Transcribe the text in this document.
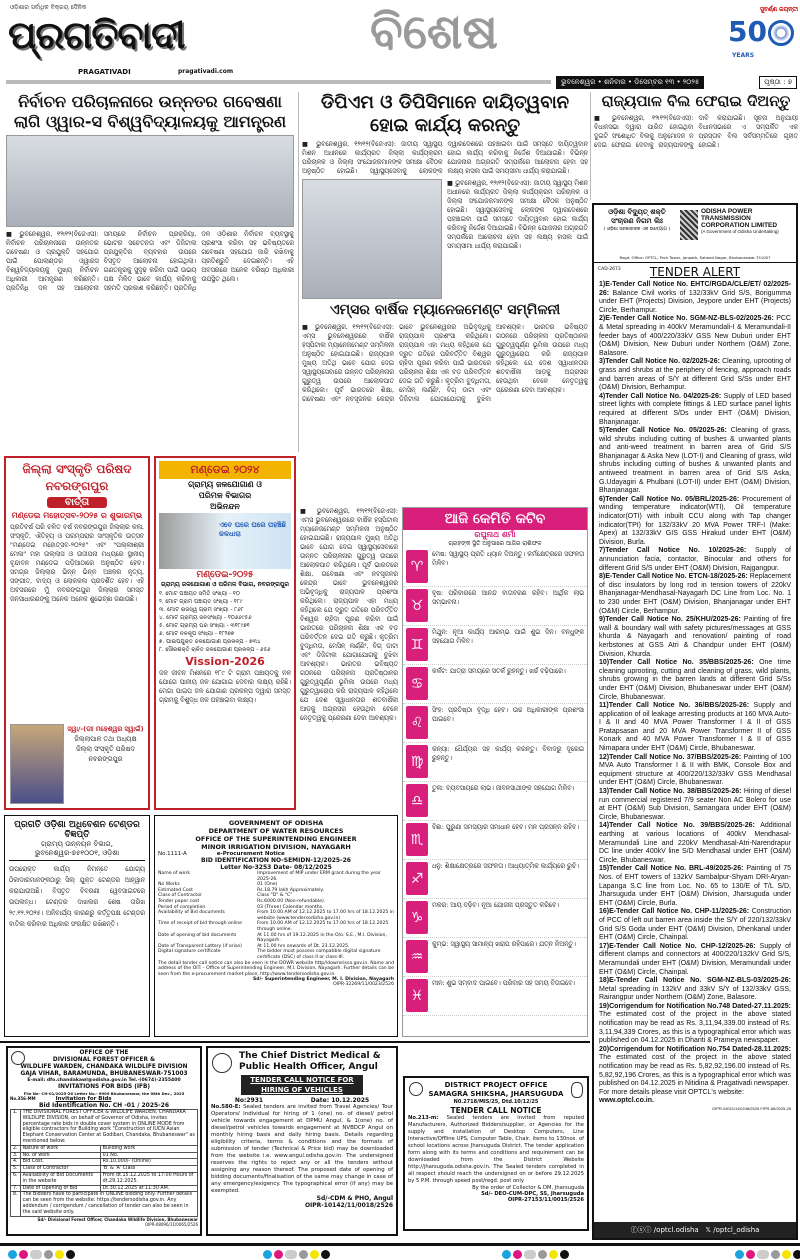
ଓଡ଼ିଶାର ସର୍ବାଧିକ ବିକ୍ରୟ ଦୈନିକ
ପ୍ରଗତିବାଦୀ
PRAGATIVADI	pragativadi.com
ବିଶେଷ	ସୁବର୍ଣ୍ଣ ଜୟନ୍ତୀ
50
YEARS
ଭୁବନେଶ୍ୱର • ଶନିବାର • ଡିସେମ୍ବର ୧୩ • ୨୦୨୫	ପୃଷ୍ଠା : ୭
ନିର୍ବାଚନ ପରିଚାଳନାରେ ଉନ୍ନତର ଗବେଷଣା ଲାଗି ଓ୍ୱାର-ସ ବିଶ୍ୱବିଦ୍ୟାଳୟକୁ ଆମନ୍ତ୍ରଣ
■ ଭୁବନେଶ୍ୱର, ୧୨ା୧୨(ବିଜେଏସ): ନିର୍ବାଚନ ପରିଚାଳନାରେ ଉନ୍ନତର ଗବେଷଣା ଓ ପ୍ରଯୁକ୍ତି ସହଯୋଗ ପାଇଁ ପୋଲାଣ୍ଡର ଓ୍ୱାରସ ବିଶ୍ୱବିଦ୍ୟାଳୟକୁ ମୁଖ୍ୟ ନିର୍ବାଚନ ଅଧିକାରୀ ଆମନ୍ତ୍ରଣ କରିଛନ୍ତି। ପ୍ରତିନିଧି ଦଳ ସହ ଆଲୋଚନା ସମୟରେ ନିର୍ବାଚନ ପ୍ରକ୍ରିୟା, ଭୋଟର ସଚେତନତା ଏବଂ ଡିଜିଟାଲ ପ୍ରଯୁକ୍ତିର ବ୍ୟବହାର ଉପରେ ବିସ୍ତୃତ ଆଲୋଚନା ହୋଇଥିଲା। ଗଣତନ୍ତ୍ରକୁ ସୁଦୃଢ଼ କରିବା ପାଇଁ ଉଭୟ ପକ୍ଷ ମିଳିତ ଭାବେ କାର୍ଯ୍ୟ କରିବାକୁ ସହମତି ପ୍ରକାଶ କରିଛନ୍ତି। ପ୍ରତିନିଧି ଦଳ ଓଡ଼ିଶାର ନିର୍ବାଚନ ବ୍ୟବସ୍ଥାକୁ ପ୍ରଶଂସା କରିବା ସହ ଭବିଷ୍ୟତରେ ଗବେଷଣା ସହଯୋଗ ଜାରି ରଖିବାକୁ ପ୍ରତିଶ୍ରୁତି ଦେଇଛନ୍ତି। ଏହି ଅବସରରେ ଅନେକ ବରିଷ୍ଠ ଅଧିକାରୀ ଉପସ୍ଥିତ ଥିଲେ।
ଡିପିଏମ ଓ ଡିପିସିମାନେ ଦାୟିତ୍ୱବାନ ହୋଇ କାର୍ଯ୍ୟ କରନ୍ତୁ
■ ଭୁବନେଶ୍ୱର, ୧୨ା୧୨(ବିଜେଏସ): ଜାତୀୟ ସ୍ୱାସ୍ଥ୍ୟ ମିଶନ ଅଧୀନରେ କାର୍ଯ୍ୟରତ ଜିଲ୍ଲା କାର୍ଯ୍ୟକ୍ରମ ପରିଚାଳକ ଓ ଜିଲ୍ଲା ସଂଯୋଜକମାନଙ୍କ ସମୀକ୍ଷା ବୈଠକ ଅନୁଷ୍ଠିତ ହୋଇଛି। ସ୍ୱାସ୍ଥ୍ୟସେବାକୁ ଲୋକଙ୍କ ଦ୍ୱାରଦେଶରେ ପହଞ୍ଚାଇବା ପାଇଁ ସମସ୍ତେ ଦାୟିତ୍ୱବାନ ହୋଇ କାର୍ଯ୍ୟ କରିବାକୁ ନିର୍ଦ୍ଦେଶ ଦିଆଯାଇଛି। ବିଭିନ୍ନ ଯୋଜନାର ଅଗ୍ରଗତି ସମ୍ପର୍କରେ ଆଲୋଚନା ହେବା ସହ ଲକ୍ଷ୍ୟ ହାସଲ ପାଇଁ ସମୟସୀମା ଧାର୍ଯ୍ୟ କରାଯାଇଛି।
■ ଭୁବନେଶ୍ୱର, ୧୨ା୧୨(ବିଜେଏସ): ଜାତୀୟ ସ୍ୱାସ୍ଥ୍ୟ ମିଶନ ଅଧୀନରେ କାର୍ଯ୍ୟରତ ଜିଲ୍ଲା କାର୍ଯ୍ୟକ୍ରମ ପରିଚାଳକ ଓ ଜିଲ୍ଲା ସଂଯୋଜକମାନଙ୍କ ସମୀକ୍ଷା ବୈଠକ ଅନୁଷ୍ଠିତ ହୋଇଛି। ସ୍ୱାସ୍ଥ୍ୟସେବାକୁ ଲୋକଙ୍କ ଦ୍ୱାରଦେଶରେ ପହଞ୍ଚାଇବା ପାଇଁ ସମସ୍ତେ ଦାୟିତ୍ୱବାନ ହୋଇ କାର୍ଯ୍ୟ କରିବାକୁ ନିର୍ଦ୍ଦେଶ ଦିଆଯାଇଛି। ବିଭିନ୍ନ ଯୋଜନାର ଅଗ୍ରଗତି ସମ୍ପର୍କରେ ଆଲୋଚନା ହେବା ସହ ଲକ୍ଷ୍ୟ ହାସଲ ପାଇଁ ସମୟସୀମା ଧାର୍ଯ୍ୟ କରାଯାଇଛି।
ଏମ୍ସର ବାର୍ଷିକ ମ୍ୟାନେଜମେଣ୍ଟ ସମ୍ମିଳନୀ
■ ଭୁବନେଶ୍ୱର, ୧୨ା୧୨(ବିଜେଏସ): ଏମ୍ସ ଭୁବନେଶ୍ୱରରେ ବାର୍ଷିକ ହସ୍ପିଟାଲ ମ୍ୟାନେଜମେଣ୍ଟ ସମ୍ମିଳନୀ ଅନୁଷ୍ଠିତ ହୋଇଯାଇଛି। ରାଜ୍ୟପାଳ ମୁଖ୍ୟ ଅତିଥି ଭାବେ ଯୋଗ ଦେଇ ସ୍ୱାସ୍ଥ୍ୟସେବାରେ ଉନ୍ନତ ପରିଚାଳନାର ଗୁରୁତ୍ୱ ଉପରେ ଆଲୋକପାତ କରିଥିଲେ। ପୂର୍ବ ଭାରତରେ ଶିକ୍ଷା, ଗବେଷଣା ଏବଂ ନବସୃଜନର କେନ୍ଦ୍ର ଭାବେ ଭୁବନେଶ୍ୱରର ଅଭିବୃଦ୍ଧିକୁ ରାଜ୍ୟପାଳ ପ୍ରଶଂସା କରିଥିଲେ। ରାଜ୍ୟପାଳ ଏହା ମଧ୍ୟ କହିଥିଲେ ଯେ ଦ୍ରୁତ ଗତିରେ ପରିବର୍ତ୍ତିତ ବିଶ୍ୱର ଚାହିଦା ପୂରଣ କରିବା ପାଇଁ ଭାରତରେ ପରିଚାଳନା ଶିକ୍ଷା ଏକ ବଡ଼ ପରିବର୍ତ୍ତନ ଦେଇ ଗତି କରୁଛି। କୃତ୍ରିମ ବୁଦ୍ଧିମତା, ମେସିନ୍ ଲର୍ଣ୍ଣିଂ, ବିଗ୍ ଡାଟା ଏବଂ ଡିଜିଟାଲ ଯୋଗାଯୋଗକୁ ବୁଝିବା ଆବଶ୍ୟକ। ଭାରତର ଭବିଷ୍ୟତ ଗଠନରେ ପରିଚାଳନା ପ୍ରତିଷ୍ଠାନର ଗୁରୁତ୍ୱପୂର୍ଣ୍ଣ ଭୂମିକା ଉପରେ ମଧ୍ୟ ଗୁରୁତ୍ୱାରୋପ କରି ରାଜ୍ୟପାଳ କହିଥିଲେ ଯେ ଦେଶ ସ୍ୱାଧୀନତାର ଶତବାର୍ଷିକୀ ଆଡ଼କୁ ଅଗ୍ରସର ହେଉଥିବା ବେଳେ ନେତୃତ୍ୱକୁ ପ୍ରେରଣା ଦେବା ଆବଶ୍ୟକ।
■ ଭୁବନେଶ୍ୱର, ୧୨ା୧୨(ବିଜେଏସ): ଏମ୍ସ ଭୁବନେଶ୍ୱରରେ ବାର୍ଷିକ ହସ୍ପିଟାଲ ମ୍ୟାନେଜମେଣ୍ଟ ସମ୍ମିଳନୀ ଅନୁଷ୍ଠିତ ହୋଇଯାଇଛି। ରାଜ୍ୟପାଳ ମୁଖ୍ୟ ଅତିଥି ଭାବେ ଯୋଗ ଦେଇ ସ୍ୱାସ୍ଥ୍ୟସେବାରେ ଉନ୍ନତ ପରିଚାଳନାର ଗୁରୁତ୍ୱ ଉପରେ ଆଲୋକପାତ କରିଥିଲେ। ପୂର୍ବ ଭାରତରେ ଶିକ୍ଷା, ଗବେଷଣା ଏବଂ ନବସୃଜନର କେନ୍ଦ୍ର ଭାବେ ଭୁବନେଶ୍ୱରର ଅଭିବୃଦ୍ଧିକୁ ରାଜ୍ୟପାଳ ପ୍ରଶଂସା କରିଥିଲେ। ରାଜ୍ୟପାଳ ଏହା ମଧ୍ୟ କହିଥିଲେ ଯେ ଦ୍ରୁତ ଗତିରେ ପରିବର୍ତ୍ତିତ ବିଶ୍ୱର ଚାହିଦା ପୂରଣ କରିବା ପାଇଁ ଭାରତରେ ପରିଚାଳନା ଶିକ୍ଷା ଏକ ବଡ଼ ପରିବର୍ତ୍ତନ ଦେଇ ଗତି କରୁଛି। କୃତ୍ରିମ ବୁଦ୍ଧିମତା, ମେସିନ୍ ଲର୍ଣ୍ଣିଂ, ବିଗ୍ ଡାଟା ଏବଂ ଡିଜିଟାଲ ଯୋଗାଯୋଗକୁ ବୁଝିବା ଆବଶ୍ୟକ। ଭାରତର ଭବିଷ୍ୟତ ଗଠନରେ ପରିଚାଳନା ପ୍ରତିଷ୍ଠାନର ଗୁରୁତ୍ୱପୂର୍ଣ୍ଣ ଭୂମିକା ଉପରେ ମଧ୍ୟ ଗୁରୁତ୍ୱାରୋପ କରି ରାଜ୍ୟପାଳ କହିଥିଲେ ଯେ ଦେଶ ସ୍ୱାଧୀନତାର ଶତବାର୍ଷିକୀ ଆଡ଼କୁ ଅଗ୍ରସର ହେଉଥିବା ବେଳେ ନେତୃତ୍ୱକୁ ପ୍ରେରଣା ଦେବା ଆବଶ୍ୟକ।
ରାଜ୍ୟପାଳ ବିଲ ଫେରାଇ ଦିଅନ୍ତୁ
■ ଭୁବନେଶ୍ୱର, ୧୨ା୧୨(ବିଜେଏସ): ବିଧାନସଭା ଦ୍ୱାରା ପାରିତ ହୋଇଥିବା ଦୁଇଟି ସଂଶୋଧିତ ବିଲକୁ ଅନୁମୋଦନ ନ ଦେଇ ଫେରାଇ ଦେବାକୁ ରାଜ୍ୟପାଳଙ୍କୁ ଦାବି କରାଯାଇଛି। ସୂଚନା ଅନୁଯାୟୀ ବିଧାନସଭାରେ ଏ ସମ୍ପର୍କିତ ଏକ ପ୍ରସ୍ତାବ ବିଲ ସର୍ବସମ୍ମତିରେ ଗୃହୀତ ହୋଇଛି।
ଜିଲ୍ଲା ସଂସ୍କୃତି ପରିଷଦ
ନବରଙ୍ଗପୁର
ବାର୍ତ୍ତା
ମଣ୍ଡେଇ ମହୋତ୍ସବ-୨୦୨୫ ର ଶୁଭାରମ୍ଭ
ପ୍ରତିବର୍ଷ ପରି ଚଳିତ ବର୍ଷ ନବରଙ୍ଗପୁର ଜିଲ୍ଲାର କଳା, ସଂସ୍କୃତି, ଐତିହ୍ୟ ଓ ପରମ୍ପରାର ସାଂସ୍କୃତିକ ଉତ୍ସବ "ମଣ୍ଡେଇ ମହୋତ୍ସବ-୨୦୨୫" ଏବଂ "ପଲ୍ଲୀଶ୍ରୀ ମେଳା" ମହା ଉଲ୍ଲାସ ଓ ଉଦ୍ଦୀପନା ମଧ୍ୟରେ ସ୍ଥାନୀୟ ବୃନ୍ଦାବନ ମଣ୍ଡେଇ ପଡ଼ିଆଠାରେ ଅନୁଷ୍ଠିତ ହେବ। ସମଗ୍ର ଜିଲ୍ଲାର ଭିନ୍ନ ଭିନ୍ନ ଅଞ୍ଚଳର ନୃତ୍ୟ, ସଙ୍ଗୀତ, ବାଦ୍ୟ ଓ ଲୋକକଳା ପ୍ରଦର୍ଶିତ ହେବ। ଏହି ଅବସରରେ ମୁଁ ନବରଙ୍ଗପୁର ଜିଲ୍ଲାର ସମସ୍ତ ଜନସାଧାରଣଙ୍କୁ ଅନେକ ଅନେକ ଶୁଭେଚ୍ଛା ଜଣାଉଛି।
ସ୍ୱା/-(ଡଃ ମହେଶ୍ୱର ସ୍ୱାଇଁ)
ଜିଲ୍ଲାପାଳ ତଥା ଅଧ୍ୟକ୍ଷ
ଜିଲ୍ଲା ସଂସ୍କୃତି ପରିଷଦ
ନବରଙ୍ଗପୁର
ମଣ୍ଡେଇ ୨୦୨୪
ଗ୍ରାମ୍ୟ ଜଳଯୋଗାଣ ଓ
ପରିମଳ ବିଭାଗର
ଅଭିନନ୍ଦନ
ଏବେ ଘରେ ଘରେ ପହଞ୍ଚିଛି ଜଳଧାରା
ମଣ୍ଡେଇ-୨୦୨୫
ଗ୍ରାମ୍ୟ ଜଳଯୋଗାଣ ଓ ପରିମଳ ବିଭାଗ, ନବରଙ୍ଗପୁର
୧. ମୋଟ ପଞ୍ଚାୟତ ସମିତି ସଂଖ୍ୟା - ୧୦
୨. ମୋଟ ଗ୍ରାମ ପଞ୍ଚାୟତ ସଂଖ୍ୟା - ୧୮୯
୩. ମୋଟ ରାଜସ୍ୱ ଗ୍ରାମ ସଂଖ୍ୟା - ୮୬୮
୪. ମୋଟ ଗ୍ରାମ୍ୟ ଜନସଂଖ୍ୟା - ୧୦୬୬୯୫୬
୫. ମୋଟ ଗ୍ରାମ୍ୟ ଘର ସଂଖ୍ୟା - ୩୧୮୯୭୧
୬. ମୋଟ ନଳକୂପ ସଂଖ୍ୟା - ୧୮୨୭୭
୭. ପାଇପଯୁକ୍ତ ଜଳଯୋଗାଣ ପ୍ରକଳ୍ପ - ୭୩୪
୮. ସୌରଶକ୍ତି ଚାଳିତ ଜଳଯୋଗାଣ ପ୍ରକଳ୍ପ - ୬୫୬
Vission-2026
ଜଳ ଜୀବନ ମିଶନରେ ୧୮୯ ଟି ଗ୍ରାମ ପଞ୍ଚାୟତକୁ ନଳ ଯୋଗେ ପାନୀୟ ଜଳ ଯୋଗାଇ ଦେବାର ଲକ୍ଷ୍ୟ ରହିଛି। ମେଗା ପାଇପ ଜଳ ଯୋଗାଣ ପ୍ରକଳ୍ପ ଦ୍ୱାରା ସମସ୍ତ ଗ୍ରାମକୁ ବିଶୁଦ୍ଧ ଜଳ ପହଞ୍ଚାଇବା ଲକ୍ଷ୍ୟ।
ଆଜି କେମିତି କଟିବ
ରଘୁନାଥ ଶର୍ମା
ଗ୍ରହଙ୍କ ସ୍ଥିତି ଅନୁସାରେ ଆଜିର ରାଶିଫଳ
♈
ମେଷ: ସ୍ୱାସ୍ଥ୍ୟ ପ୍ରତି ଧ୍ୟାନ ଦିଅନ୍ତୁ। କର୍ମକ୍ଷେତ୍ରରେ ସଫଳତା ମିଳିବ।
♉
ବୃଷ: ପରିବାରରେ ଆନନ୍ଦ ବାତାବରଣ ରହିବ। ଆର୍ଥିକ ଲାଭ ସମ୍ଭାବନା।
♊
ମିଥୁନ: ନୂଆ କାର୍ଯ୍ୟ ଆରମ୍ଭ ପାଇଁ ଶୁଭ ଦିନ। ବନ୍ଧୁଙ୍କ ସହଯୋଗ ମିଳିବ।
♋
କର୍କଟ: ଯାତ୍ରା ସମୟରେ ସତର୍କ ରୁହନ୍ତୁ। ଖର୍ଚ୍ଚ ବଢ଼ିପାରେ।
♌
ସିଂହ: ପ୍ରତିଷ୍ଠା ବୃଦ୍ଧି ହେବ। ଉଚ୍ଚ ଅଧିକାରୀଙ୍କ ପ୍ରଶଂସା ପାଇବେ।
♍
କନ୍ୟା: ଧୈର୍ଯ୍ୟର ସହ କାର୍ଯ୍ୟ କରନ୍ତୁ। ବିବାଦରୁ ଦୂରେଇ ରୁହନ୍ତୁ।
♎
ତୁଳା: ବ୍ୟବସାୟରେ ଲାଭ। ଜୀବନସାଥୀଙ୍କ ସହଯୋଗ ମିଳିବ।
♏
ବିଛା: ପୁରୁଣା ସମସ୍ୟାର ସମାଧାନ ହେବ। ମନ ପ୍ରସନ୍ନ ରହିବ।
♐
ଧନୁ: ଶିକ୍ଷାକ୍ଷେତ୍ରରେ ସଫଳତା। ଆଧ୍ୟାତ୍ମିକ କାର୍ଯ୍ୟରେ ରୁଚି।
♑
ମକର: ଆୟ ବଢ଼ିବ। ନୂଆ ଯୋଜନା ପ୍ରସ୍ତୁତ କରିବେ।
♒
କୁମ୍ଭ: ସ୍ୱାସ୍ଥ୍ୟ ସାମାନ୍ୟ ଖରାପ ରହିପାରେ। ଯତ୍ନ ନିଅନ୍ତୁ।
♓
ମୀନ: ଶୁଭ ସମ୍ବାଦ ପାଇବେ। ପରିବାର ସହ ସମୟ ବିତାଇବେ।
ପ୍ରଗତି ଓଡ଼ିଶା ଅଧିବେଶନ ଟେଣ୍ଡର ବିଜ୍ଞପ୍ତି
ଗ୍ରାମ୍ୟ ଉନ୍ନୟନ ବିଭାଗ, ଭୁବନେଶ୍ୱର-୭୫୧୦୦୧, ଓଡ଼ିଶା
ଉପରୋକ୍ତ କାର୍ଯ୍ୟ ନିମନ୍ତେ ଯୋଗ୍ୟ ଠିକାଦାରମାନଙ୍କଠାରୁ ସିଲ୍ ଯୁକ୍ତ ଟେଣ୍ଡର ଆହ୍ୱାନ କରାଯାଉଅଛି। ବିସ୍ତୃତ ବିବରଣୀ ୱେବସାଇଟରେ ଉପଲବ୍ଧ। ଟେଣ୍ଡର ଦାଖଲର ଶେଷ ତାରିଖ ୨୯.୧୨.୨୦୨୫। ଅନିବାର୍ଯ୍ୟ କାରଣରୁ କର୍ତ୍ତୃପକ୍ଷ ଟେଣ୍ଡର ବାତିଲ କରିବାର ଅଧିକାର ସଂରକ୍ଷିତ ରଖିଛନ୍ତି।
GOVERNMENT OF ODISHA
DEPARTMENT OF WATER RESOURCES
OFFICE OF THE SUPERINTENDING ENGINEER
MINOR IRRIGATION DIVISION, NAYAGARH
No.1111-A	e-Procurement Notice
BID IDENTIFICATION NO-SEMIDN-12/2025-26
Letter No-3253 Date- 08/12/2025
Name of work	Improvement of MIP under ERM grant during the year 2025-26.
No Works	01 (One)
Estimated Cost	Rs.18.79 lakh Approximately.
Class of Contractor	Class "D" & "C"
Tender paper cost	Rs.6000.00 (Non-refundable).
Period of completion	03 (Three) Calendar months.
Availability of Bid documents	From 10.00 AM of 12.12.2025 to 17.00 hrs of 18.12.2025 in website (www.tendersodisha.gov.in)
Time of receipt of bid through online	From 10.00 AM of 12.12.2025 to 17.00 hrs of 18.12.2025 through online.
Date of opening of bid documents	At 11.00 hrs of 19.12.2025 in the O/o. S.E., M.I. Division, Nayagarh.
Date of Transparent Lottery (if arise)	At 11.00 hrs onwards of Dt. 23.12.2025.
Digital signature certificate	The bidder must possess compatible digital signature certificate (DSC) of class II or class-III.
The detail tender call notice can also be seen in the DOWR website http//dowrorissa.gov.in. Name and address of the OIT: - Office of Superintending Engineer, M.I. Division, Nayagarh. Further details can be seen from the e-procurement market place, http://www.tendersodisha.gov.in.
Sd/- Superintending Engineer, M. I. Division, Nayagarh
OIPR-32269/11/0023/2526
ଓଡ଼ିଶା ବିଦ୍ୟୁତ୍ ଶକ୍ତି
ସଂଚାରଣ ନିଗମ ଲିଃ
( ଓଡ଼ିଶା ସରକାରଙ୍କ ଏକ ଉଦ୍ୟୋଗ )
ODISHA POWER TRANSMISSION
CORPORATION LIMITED
(A Government of Odisha Undertaking)
Regd. Office: OPTCL, Tech Tower, Janpath, Saheed Nagar, Bhubaneswar-751007
CAD-2673	TENDER ALERT
1)E-Tender Call Notice No. EHTC/RGDA/CLE/ET/ 02/2025-26: Balance Civil works of 132/33kV Grid S/S, Borigumma under EHT (Projects) Division, Jeypore under EHT (Projects) Circle, Berhampur.
2)E-Tender Call Notice No. SGM-NZ-BLS-02/2025-26: PCC & Metal spreading in 400kV Meramundali-I & Meramundali-II feeder bays of 400/220/33kV GSS New Duburi under EHT (O&M) Division, New Duburi under Northern (O&M) Zone, Balasore.
3)Tender Call Notice No. 02/2025-26: Cleaning, uprooting of grass and shrubs at the periphery of fencing, approach roads and barren areas of S/Y at different Grid S/Ss under EHT (O&M) Division, Berhampur.
4)Tender Call Notice No. 04/2025-26: Supply of LED based street lights with complete fittings & LED surface panel lights required at different S/Ds under EHT (O&M) Division, Bhanjanagar.
5)Tender Call Notice No. 05/2025-26: Cleaning of grass, wild shrubs including cutting of bushes & unwanted plants and anti-weed treatment in barren area of Grid S/S Bhanjanagar & Aska New (LOT-I) and Cleaning of grass, wild shrubs including cutting of bushes & unwanted plants and antiweed treatment in barren area of Grid S/S Aska, G.Udayagiri & Phulbani (LOT-II) under EHT (O&M) Division, Bhanjanagar.
6)Tender Call Notice No. 05/BRL/2025-26: Procurement of winding temperature indicator(WTI), Oil temperature indicator(OTI) with inbuilt CCU along with Tap changer indicator(TPI) for 132/33kV 20 MVA Power TRF-I (Make: Apex) at 132/33kV GIS GSS Hirakud under EHT (O&M) Division, Burla.
7)Tender Call Notice No. 10/2025-26: Supply of annunciation facia, contactor, Binocular and others for different Grid S/S under EHT (O&M) Division, Rajgangpur.
8)E-Tender Call Notice No. ETCN-18/2025-26: Replacement of disc insulators by long rod in tension towers of 220kV Bhanjanagar-Mendhasal-Nayagarh DC Line from Loc. No. 1 to 230 under EHT (O&M) Division, Bhanjanagar under EHT (O&M) Circle, Berhampur.
9)Tender Call Notice No. 25/KHU/2025-26: Painting of fire wall & boundary wall with safety pictures/messages at GSS khurda & Nayagarh and renovation/ painting of road kerbstones at GSS Atri & Chandpur under EHT (O&M) Division, Khurda.
10)Tender Call Notice No. 35/BBS/2025-26: One time cleaning uprooting, cutting and cleaning of grass, wild plants, shrubs growing in the barren lands at different Grid S/Ss under EHT (O&M) Division, Bhubaneswar under EHT (O&M) Circle, Bhubaneswar.
11)Tender Call Notice No. 36/BBS/2025-26: Supply and application of oil leakage arresting products at 160 MVA Auto-I & II and 40 MVA Power Transformer I & II of GSS Pratapsasan and 20 MVA Power Transformer II of GSS Konark and 40 MVA Power Transformer I & II of GSS Nimapara under EHT (O&M) Circle, Bhubaneswar.
12)Tender Call Notice No. 37/BBS/2025-26: Painting of 100 MVA Auto Transformer I & II with BMK, Console Box and equipment structure at 400/220/132/33kV GSS Mendhasal under EHT (O&M) Circle, Bhubaneswar.
13)Tender Call Notice No. 38/BBS/2025-26: Hiring of diesel run commercial registered 7/9 seater Non AC Bolero for use at EHT (O&M) Sub Division, Samangara under EHT (O&M) Circle, Bhubaneswar.
14)Tender Call Notice No. 39/BBS/2025-26: Additional earthing at various locations of 400kV Mendhasal-Meramundali Line and 220kV Mendhasal-Atri-Narendrapur DC line under 400kV line S/D Mendhasal under EHT (O&M) Circle, Bhubaneswar.
15)Tender Call Notice No. BRL-49/2025-26: Painting of 75 Nos. of EHT towers of 132kV Sambalpur-Shyam DRI-Aryan-Lapanga S.C line from Loc. No. 65 to 130/E of T/L S/D, Jharsuguda under EHT (O&M) Division, Jharsuguda under EHT (O&M) Circle, Burla.
16)E-Tender Call Notice No. CHP-11/2025-26: Construction of PCC of left out barren area inside the S/Y of 220/132/33kV Grid S/S Goda under EHT (O&M) Division, Dhenkanal under EHT (O&M) Circle, Chainpal.
17)E-Tender Call Notice No. CHP-12/2025-26: Supply of different clamps and connectors at 400/220/132kV Grid S/S, Meramundali under EHT (O&M) Division, Meramundali under EHT (O&M) Circle, Chainpal.
18)E-Tender Call Notice No. SGM-NZ-BLS-03/2025-26: Metal spreading in 132kV and 33kV S/Y of 132/33kV GSS, Rairangpur under Northern (O&M) Zone, Balasore.
19)Corrigendum for Notification No.748 Dated-27.11.2025: The estimated cost of the project in the above stated notification may be read as Rs. 3,11,94,339.00 instead of Rs. 3,11,94,339 Crores, as this is a typographical error which was published on 04.12.2025 in Dhariti & Prameya newspaper.
20)Corrigendum for Notification No.754 Dated-28.11.2025: The estimated cost of the project in the above stated notification may be read as Rs. 5,82,92,196.00 instead of Rs. 5,82,92,196 Crores, as this is a typographical error which was published on 04.12.2025 in Nitidina & Pragativadi newspaper.
For more details please visit OPTCL's website:
www.optcl.co.in.
OIPR-04011/11/0248/2526 FIPR-66/2025-26
ⓕⓧⓘ /optcl.odisha   𝕏 /optcl_odisha
OFFICE OF THE
DIVISIONAL FOREST OFFICER &
WILDLIFE WARDEN, CHANDAKA WILDLIFE DIVISION
GAJA VIHAR, BARAMUNDA, BHUBANESWAR-751003
E-mail: dfo.chandakawl@odisha.gov.in Tel.-(0674)-2355400
INVITATIONS FOR BIDS (IFB)
File No- CH-01/2025-26 Letter No.- 6909 Bhubaneswar, the 08th Dec., 2025
No.356-MM	Invitation for Bids
Bid Identification No. CH -01 / 2025-26
1.	THE DIVISIONAL FOREST OFFICER & WILDLIFE WARDEN, CHANDAKA WILDLIFE DIVISION, on behalf of Governor of Odisha, invites percentage rate bids in double cover system in ONLINE MODE from eligible contractors for Building work "Construction of IUCN Asian Elephant Conservation Center at Godibari, Chandaka, Bhubaneswar" as mentioned below:	
2.	Nature of work	Building work
3.	No. of work	01 No.
4.	Bid Cost.	Rs.10,000/- (Online)
5.	Class of Contractor	'B' & 'A' Class
6.	Availability of Bid Documents in the website	From dt.15.12.2025 to 17:00 Hours of dt.29.12.2025.
7.	Date of Opening of Bid	Dt.30.12.2025 at 11:30 AM.
8.	The Bidders have to participate in ONLINE bidding only. Further details can be seen from the website: https://tendersodisha.gov.in. Any addendum / corrigendum / cancellation of tender can also be seen in the said website only.	
Sd/- Divisional Forest Officer, Chandaka Wildlife Division, Bhubaneswar
OIPR-08096/11/0065/2526
The Chief District Medical &
Public Health Officer, Angul
TENDER CALL NOTICE FOR
HIRING OF VEHICLES
No:2931	Date: 10.12.2025
No.580-E: Sealed tenders are invited from Travel Agencies/ Tour Operators/ Individual for hiring of 1 (one) no. of diesel/ petrol vehicle towards engagement at DPMU Angul, & 1(one) no. of diesel/petrol vehicles towards engagement at NVBDCP Angul on monthly hiring basis and daily hiring basis. Details regarding eligibility criteria, terms & conditions and the formats of submission of tender (Technical & Price bid) may be downloaded from the website i.e. www.angul.odisha.gov.in. The undersigned reserves the rights to reject any or all the tenders without assigning any reason thereof. The proposed date of opening of bidding documents/finalisation of the same may change in case of any emergency/exigency. The typographical error (if any) may be exempted.
Sd/-CDM & PHO, Angul
OIPR-10142/11/0018/2526
DISTRICT PROJECT OFFICE
SAMAGRA SHIKSHA, JHARSUGUDA
N0.2718/MIS/25, Dtd.10/12/25
TENDER CALL NOTICE
No.213-m: Sealed tenders are invited from reputed Manufacturers, Authorized Bidders/supplier, or Agencies for the supply and installation of Desktop Computers, Line Interactive/Offline UPS, Computer Table, Chair, items to 130nos. of school locations across Jharsuguda District. The tender application form along with its terms and conditions and requirement can be downloaded from the District Website http://jharsuguda.odisha.gov.in. The Sealed tenders completed in all respect should reach the undersigned on or before 29.12.2025 by 5 P.M. through speed post/regd. post only
By the order of Collector & DM, Jharsuguda
Sd/- DEO-CUM-DPC, SS, Jharsuguda
OIPR-27153/11/0015/2526
